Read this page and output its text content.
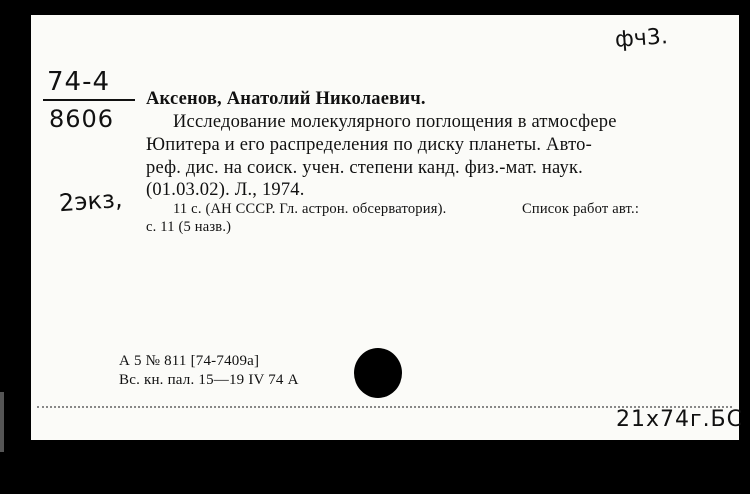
фч3.
74-4
8606
2экз,
Аксенов, Анатолий Николаевич.
Исследование молекулярного поглощения в атмосфере
Юпитера и его распределения по диску планеты. Авто-
реф. дис. на соиск. учен. степени канд. физ.-мат. наук.
(01.03.02). Л., 1974.
11 с. (АН СССР. Гл. астрон. обсерватория).	Список работ авт.:
с. 11 (5 назв.)
А 5 № 811 [74-7409а]
Вс. кн. пал. 15—19 IV 74 А
21х74г.БС
